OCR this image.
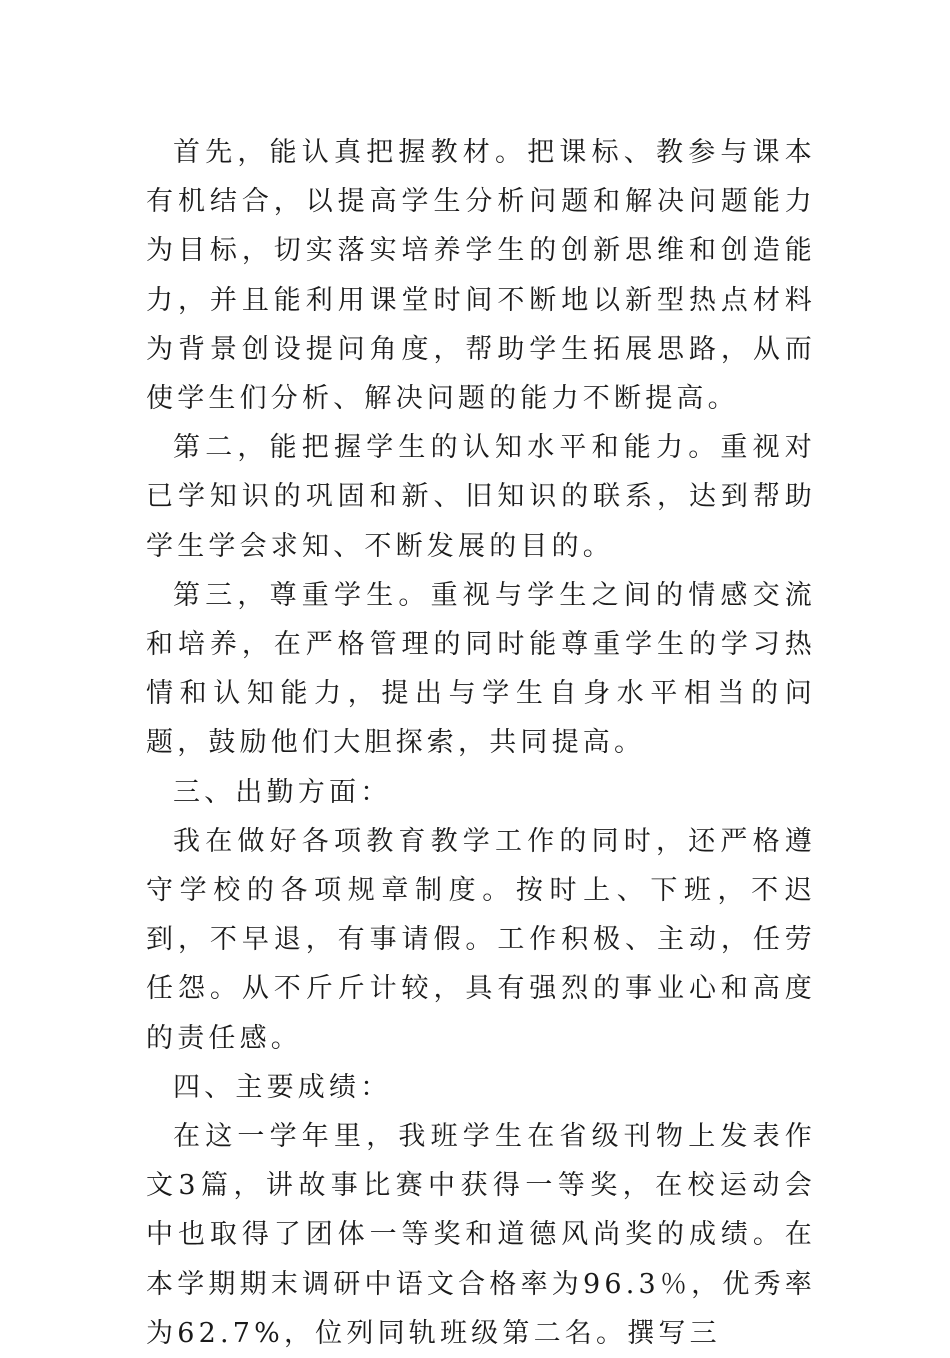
首先，能认真把握教材。把课标、教参与课本有机结合，以提高学生分析问题和解决问题能力为目标，切实落实培养学生的创新思维和创造能力，并且能利用课堂时间不断地以新型热点材料为背景创设提问角度，帮助学生拓展思路，从而使学生们分析、解决问题的能力不断提高。

第二，能把握学生的认知水平和能力。重视对已学知识的巩固和新、旧知识的联系，达到帮助学生学会求知、不断发展的目的。

第三，尊重学生。重视与学生之间的情感交流和培养，在严格管理的同时能尊重学生的学习热情和认知能力，提出与学生自身水平相当的问题，鼓励他们大胆探索，共同提高。

三、出勤方面：

我在做好各项教育教学工作的同时，还严格遵守学校的各项规章制度。按时上、下班，不迟到，不早退，有事请假。工作积极、主动，任劳任怨。从不斤斤计较，具有强烈的事业心和高度的责任感。

四、主要成绩：

在这一学年里，我班学生在省级刊物上发表作文3篇，讲故事比赛中获得一等奖，在校运动会中也取得了团体一等奖和道德风尚奖的成绩。在本学期期末调研中语文合格率为96.3％，优秀率为62.7%，位列同轨班级第二名。撰写三
